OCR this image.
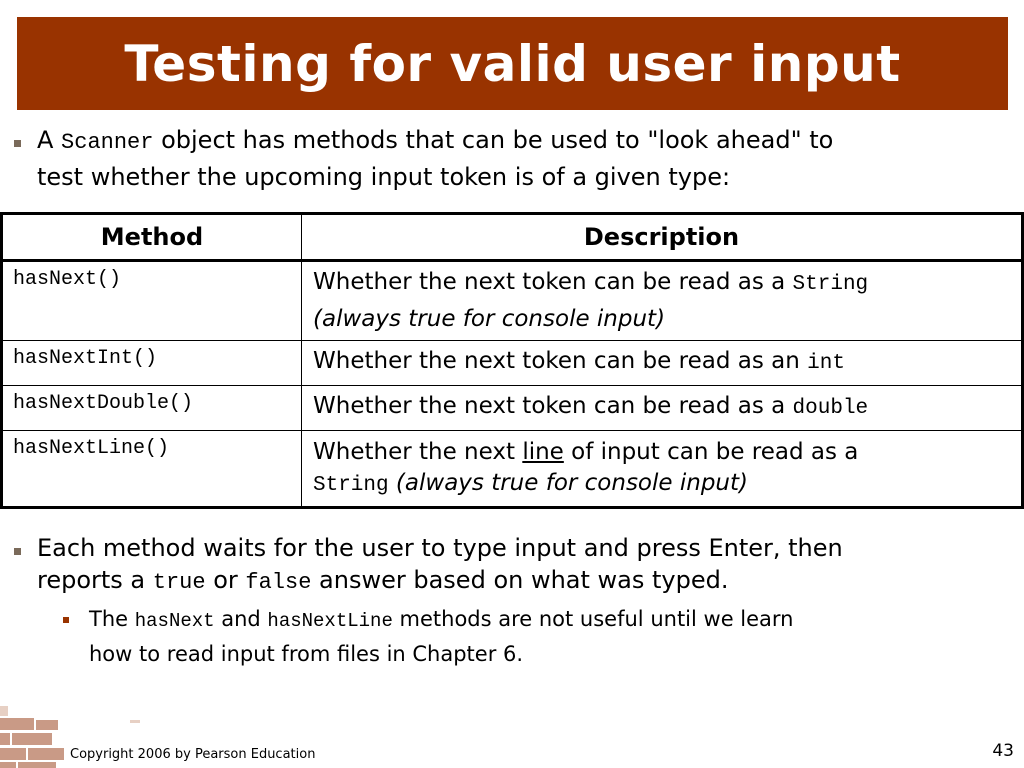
Testing for valid user input
A Scanner object has methods that can be used to "look ahead" to
test whether the upcoming input token is of a given type:
Method	Description
hasNext()	Whether the next token can be read as a String
(always true for console input)
hasNextInt()	Whether the next token can be read as an int
hasNextDouble()	Whether the next token can be read as a double
hasNextLine()	Whether the next line of input can be read as a
String (always true for console input)
Each method waits for the user to type input and press Enter, then
reports a true or false answer based on what was typed.
The hasNext and hasNextLine methods are not useful until we learn
how to read input from files in Chapter 6.
Copyright 2006 by Pearson Education	43
